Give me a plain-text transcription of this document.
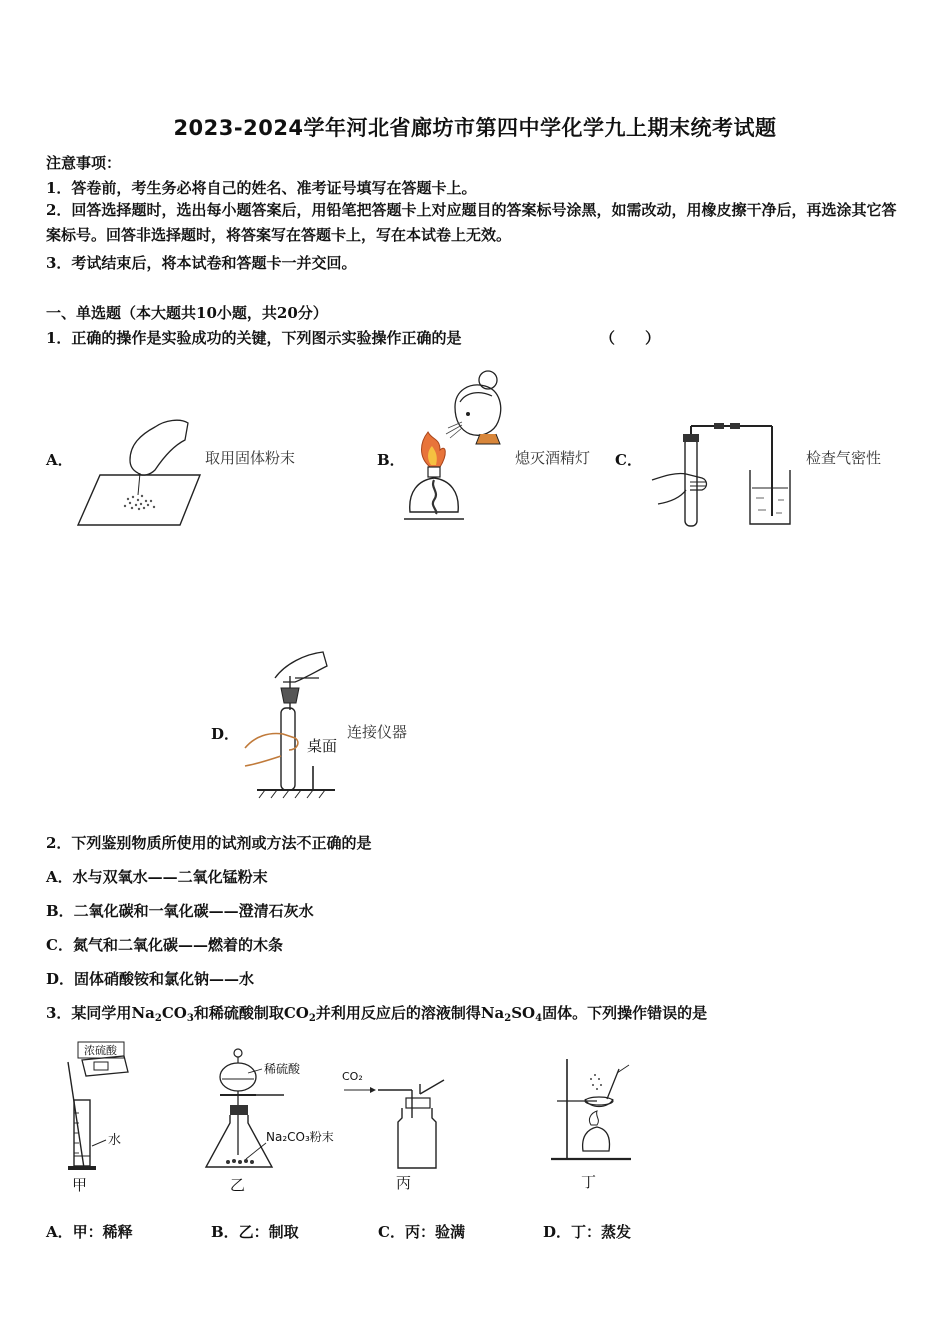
2023-2024学年河北省廊坊市第四中学化学九上期末统考试题
注意事项：
1．答卷前，考生务必将自己的姓名、准考证号填写在答题卡上。
2．回答选择题时，选出每小题答案后，用铅笔把答题卡上对应题目的答案标号涂黑，如需改动，用橡皮擦干净后，再选涂其它答案标号。回答非选择题时，将答案写在答题卡上，写在本试卷上无效。
3．考试结束后，将本试卷和答题卡一并交回。
一、单选题（本大题共10小题，共20分）
1．正确的操作是实验成功的关键，下列图示实验操作正确的是	（　　）
A．	取用固体粉末	B．	熄灭酒精灯 C．	检查气密性
D．	连接仪器
桌面
2．下列鉴别物质所使用的试剂或方法不正确的是
A．水与双氧水——二氧化锰粉末
B．二氧化碳和一氧化碳——澄清石灰水
C．氮气和二氧化碳——燃着的木条
D．固体硝酸铵和氯化钠——水
3．某同学用$Na_2CO_3$和稀硫酸制取$CO_2$并利用反应后的溶液制得$Na_2SO_4$固体。下列操作错误的是
浓硫酸
水
甲
稀硫酸
Na₂CO₃粉末
乙
CO₂
丙	丁
A．甲：稀释	B．乙：制取	C．丙：验满	D．丁：蒸发
